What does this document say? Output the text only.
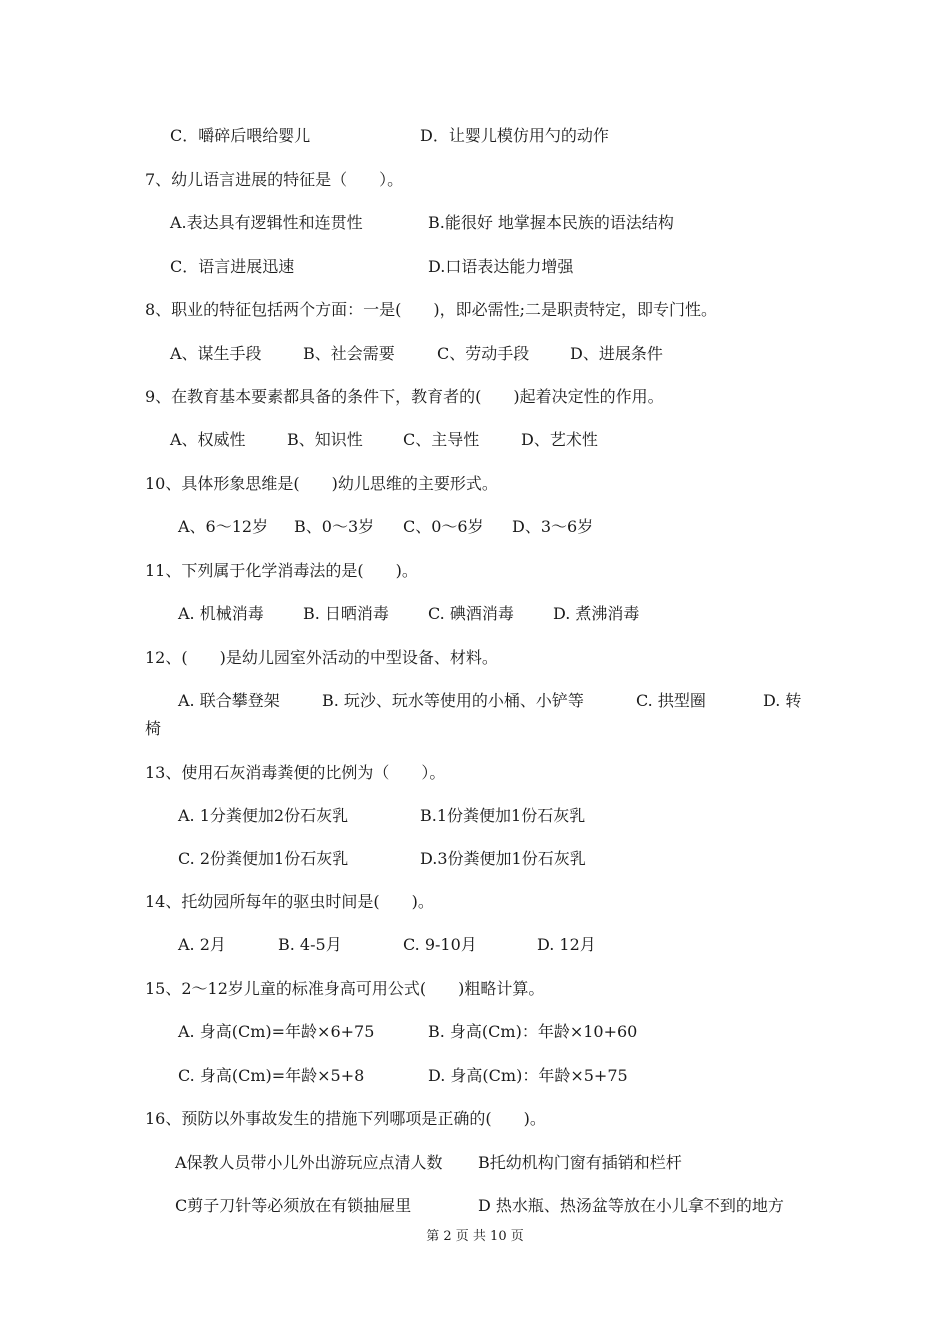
C．嚼碎后喂给婴儿	D．让婴儿模仿用勺的动作
7、幼儿语言进展的特征是（　　）。
A.表达具有逻辑性和连贯性	B.能很好 地掌握本民族的语法结构
C．语言进展迅速	D.口语表达能力增强
8、职业的特征包括两个方面：一是(　　)，即必需性;二是职责特定，即专门性。
A、谋生手段	B、社会需要	C、劳动手段	D、进展条件
9、在教育基本要素都具备的条件下，教育者的(　　)起着决定性的作用。
A、权威性	B、知识性	C、主导性	D、艺术性
10、具体形象思维是(　　)幼儿思维的主要形式。
A、6～12岁 B、0～3岁 C、0～6岁 D、3～6岁
11、下列属于化学消毒法的是(　　)。
A. 机械消毒 B. 日晒消毒 C. 碘酒消毒 D. 煮沸消毒
12、(　　)是幼儿园室外活动的中型设备、材料。
A. 联合攀登架	B. 玩沙、玩水等使用的小桶、小铲等	C. 拱型圈	D. 转
椅
13、使用石灰消毒粪便的比例为（　　）。
A. 1分粪便加2份石灰乳	B.1份粪便加1份石灰乳
C. 2份粪便加1份石灰乳	D.3份粪便加1份石灰乳
14、托幼园所每年的驱虫时间是(　　)。
A. 2月	B. 4-5月	C. 9-10月	D. 12月
15、2～12岁儿童的标准身高可用公式(　　)粗略计算。
A. 身高(Cm)=年龄×6+75	B. 身高(Cm)：年龄×10+60
C. 身高(Cm)=年龄×5+8	D. 身高(Cm)：年龄×5+75
16、预防以外事故发生的措施下列哪项是正确的(　　)。
A保教人员带小儿外出游玩应点清人数 B托幼机构门窗有插销和栏杆
C剪子刀针等必须放在有锁抽屉里	D 热水瓶、热汤盆等放在小儿拿不到的地方
第 2 页 共 10 页
